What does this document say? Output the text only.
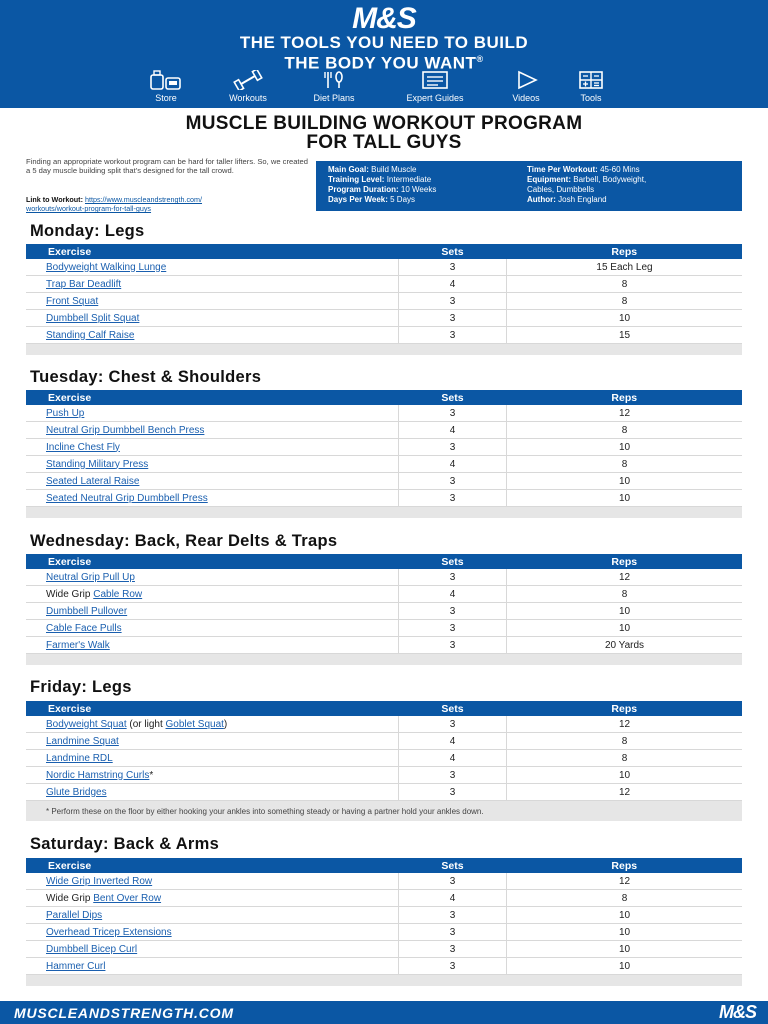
M&S
THE TOOLS YOU NEED TO BUILD
THE BODY YOU WANT®
Store	Workouts	Diet Plans	Expert Guides	Videos	Tools
MUSCLE BUILDING WORKOUT PROGRAM
FOR TALL GUYS
Finding an appropriate workout program can be hard for taller lifters. So, we created a 5 day muscle building split that's designed for the tall crowd.
Link to Workout: https://www.muscleandstrength.com/
workouts/workout-program-for-tall-guys
Main Goal: Build Muscle
Training Level: Intermediate
Program Duration: 10 Weeks
Days Per Week: 5 Days
Time Per Workout: 45-60 Mins
Equipment: Barbell, Bodyweight,
Cables, Dumbbells
Author: Josh England
Monday: Legs
Exercise	Sets	Reps
Bodyweight Walking Lunge	3	15 Each Leg
Trap Bar Deadlift	4	8
Front Squat	3	8
Dumbbell Split Squat	3	10
Standing Calf Raise	3	15

Tuesday: Chest & Shoulders
Exercise	Sets	Reps
Push Up	3	12
Neutral Grip Dumbbell Bench Press	4	8
Incline Chest Fly	3	10
Standing Military Press	4	8
Seated Lateral Raise	3	10
Seated Neutral Grip Dumbbell Press	3	10

Wednesday: Back, Rear Delts & Traps
Exercise	Sets	Reps
Neutral Grip Pull Up	3	12
Wide Grip Cable Row	4	8
Dumbbell Pullover	3	10
Cable Face Pulls	3	10
Farmer's Walk	3	20 Yards

Friday: Legs
Exercise	Sets	Reps
Bodyweight Squat (or light Goblet Squat)	3	12
Landmine Squat	4	8
Landmine RDL	4	8
Nordic Hamstring Curls*	3	10
Glute Bridges	3	12
* Perform these on the floor by either hooking your ankles into something steady or having a partner hold your ankles down.		
Saturday: Back & Arms
Exercise	Sets	Reps
Wide Grip Inverted Row	3	12
Wide Grip Bent Over Row	4	8
Parallel Dips	3	10
Overhead Tricep Extensions	3	10
Dumbbell Bicep Curl	3	10
Hammer Curl	3	10

MUSCLEANDSTRENGTH.COM	M&S
